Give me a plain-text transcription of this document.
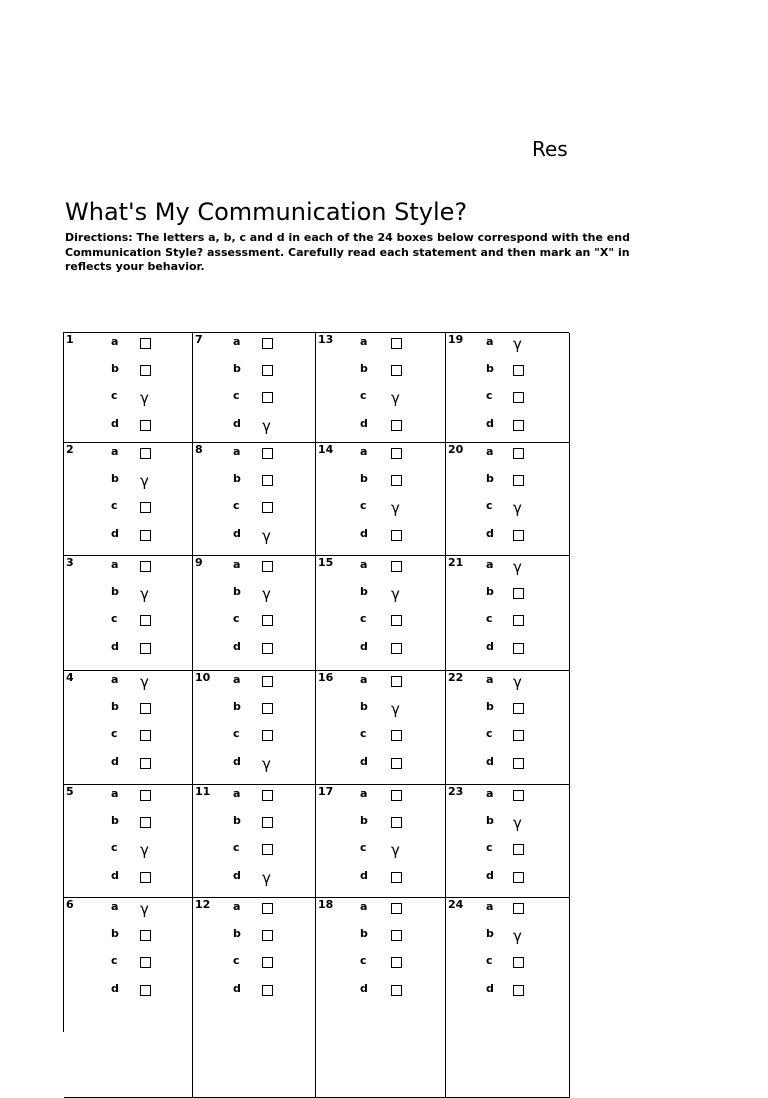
Res
What's My Communication Style?
Directions: The letters a, b, c and d in each of the 24 boxes below correspond with the end
Communication Style? assessment. Carefully read each statement and then mark an "X" in
reflects your behavior.
1	a
b
c γ
d
2	a
b γ
c
d
3	a
b γ
c
d
4	a γ
b
c
d
5	a
b
c γ
d
6	a γ
b
c
d
7	a
b
c
d γ
8	a
b
c
d γ
9	a
b γ
c
d
10 a
b
c
d γ
11 a
b
c
d γ
12 a
b
c
d
13 a
b
c γ
d
14 a
b
c γ
d
15 a
b γ
c
d
16 a
b γ
c
d
17 a
b
c γ
d
18 a
b
c
d
19 a γ
b
c
d
20 a
b
c γ
d
21 a γ
b
c
d
22 a γ
b
c
d
23 a
b γ
c
d
24 a
b γ
c
d
